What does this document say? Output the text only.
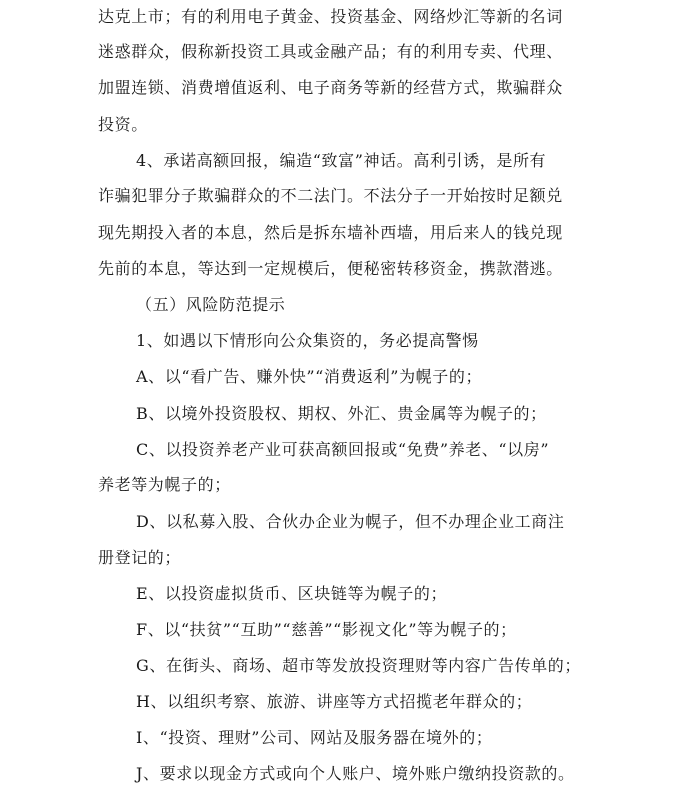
达克上市；有的利用电子黄金、投资基金、网络炒汇等新的名词
迷惑群众，假称新投资工具或金融产品；有的利用专卖、代理、
加盟连锁、消费增值返利、电子商务等新的经营方式，欺骗群众
投资。
4、承诺高额回报，编造“致富”神话。高利引诱，是所有
诈骗犯罪分子欺骗群众的不二法门。不法分子一开始按时足额兑
现先期投入者的本息，然后是拆东墙补西墙，用后来人的钱兑现
先前的本息，等达到一定规模后，便秘密转移资金，携款潜逃。
（五）风险防范提示
1、如遇以下情形向公众集资的，务必提高警惕
A、以“看广告、赚外快”“消费返利”为幌子的；
B、以境外投资股权、期权、外汇、贵金属等为幌子的；
C、以投资养老产业可获高额回报或“免费”养老、“以房”
养老等为幌子的；
D、以私募入股、合伙办企业为幌子，但不办理企业工商注
册登记的；
E、以投资虚拟货币、区块链等为幌子的；
F、以“扶贫”“互助”“慈善”“影视文化”等为幌子的；
G、在街头、商场、超市等发放投资理财等内容广告传单的；
H、以组织考察、旅游、讲座等方式招揽老年群众的；
I、“投资、理财”公司、网站及服务器在境外的；
J、要求以现金方式或向个人账户、境外账户缴纳投资款的。
